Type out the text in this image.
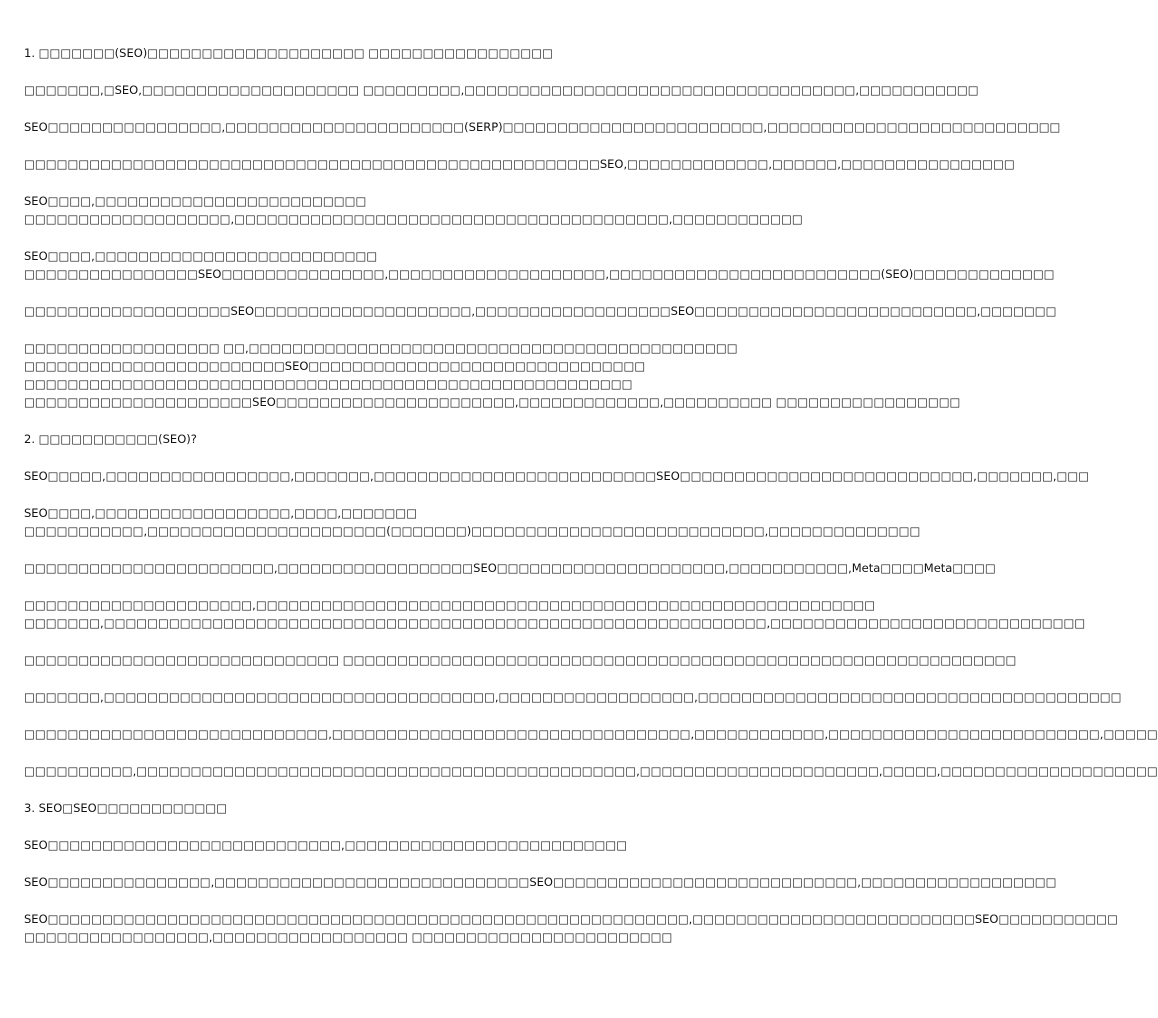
1. □□□□□□□(SEO)□□□□□□□□□□□□□□□□□□□□ □□□□□□□□□□□□□□□□□
□□□□□□□,□SEO,□□□□□□□□□□□□□□□□□□□□ □□□□□□□□□,□□□□□□□□□□□□□□□□□□□□□□□□□□□□□□□□□□□□,□□□□□□□□□□□
SEO□□□□□□□□□□□□□□□□,□□□□□□□□□□□□□□□□□□□□□□(SERP)□□□□□□□□□□□□□□□□□□□□□□□□,□□□□□□□□□□□□□□□□□□□□□□□□□□□
□□□□□□□□□□□□□□□□□□□□□□□□□□□□□□□□□□□□□□□□□□□□□□□□□□□□□SEO,□□□□□□□□□□□□□,□□□□□□,□□□□□□□□□□□□□□□□
SEO□□□□,□□□□□□□□□□□□□□□□□□□□□□□□□
□□□□□□□□□□□□□□□□□□□,□□□□□□□□□□□□□□□□□□□□□□□□□□□□□□□□□□□□□□□□,□□□□□□□□□□□□
SEO□□□□,□□□□□□□□□□□□□□□□□□□□□□□□□□
□□□□□□□□□□□□□□□□SEO□□□□□□□□□□□□□□□,□□□□□□□□□□□□□□□□□□□□,□□□□□□□□□□□□□□□□□□□□□□□□□(SEO)□□□□□□□□□□□□□
□□□□□□□□□□□□□□□□□□□SEO□□□□□□□□□□□□□□□□□□□□,□□□□□□□□□□□□□□□□□□SEO□□□□□□□□□□□□□□□□□□□□□□□□□□,□□□□□□□
□□□□□□□□□□□□□□□□□□ □□,□□□□□□□□□□□□□□□□□□□□□□□□□□□□□□□□□□□□□□□□□□□□□
□□□□□□□□□□□□□□□□□□□□□□□□SEO□□□□□□□□□□□□□□□□□□□□□□□□□□□□□□□
□□□□□□□□□□□□□□□□□□□□□□□□□□□□□□□□□□□□□□□□□□□□□□□□□□□□□□□□
□□□□□□□□□□□□□□□□□□□□□SEO□□□□□□□□□□□□□□□□□□□□□□,□□□□□□□□□□□□□,□□□□□□□□□□ □□□□□□□□□□□□□□□□□
2. □□□□□□□□□□□(SEO)?
SEO□□□□□,□□□□□□□□□□□□□□□□□,□□□□□□□,□□□□□□□□□□□□□□□□□□□□□□□□□□SEO□□□□□□□□□□□□□□□□□□□□□□□□□□□,□□□□□□□,□□□
SEO□□□□,□□□□□□□□□□□□□□□□□□,□□□□,□□□□□□□
□□□□□□□□□□□,□□□□□□□□□□□□□□□□□□□□□□(□□□□□□□)□□□□□□□□□□□□□□□□□□□□□□□□□□□,□□□□□□□□□□□□□□
□□□□□□□□□□□□□□□□□□□□□□□,□□□□□□□□□□□□□□□□□□SEO□□□□□□□□□□□□□□□□□□□□□,□□□□□□□□□□□,Meta□□□□Meta□□□□
□□□□□□□□□□□□□□□□□□□□□,□□□□□□□□□□□□□□□□□□□□□□□□□□□□□□□□□□□□□□□□□□□□□□□□□□□□□□□□□
□□□□□□□,□□□□□□□□□□□□□□□□□□□□□□□□□□□□□□□□□□□□□□□□□□□□□□□□□□□□□□□□□□□□□,□□□□□□□□□□□□□□□□□□□□□□□□□□□□□
□□□□□□□□□□□□□□□□□□□□□□□□□□□□□ □□□□□□□□□□□□□□□□□□□□□□□□□□□□□□□□□□□□□□□□□□□□□□□□□□□□□□□□□□□□□□
□□□□□□□,□□□□□□□□□□□□□□□□□□□□□□□□□□□□□□□□□□□□,□□□□□□□□□□□□□□□□□□,□□□□□□□□□□□□□□□□□□□□□□□□□□□□□□□□□□□□□□□
□□□□□□□□□□□□□□□□□□□□□□□□□□□□,□□□□□□□□□□□□□□□□□□□□□□□□□□□□□□□□□,□□□□□□□□□□□□,□□□□□□□□□□□□□□□□□□□□□□□□□,□□□□□
□□□□□□□□□□,□□□□□□□□□□□□□□□□□□□□□□□□□□□□□□□□□□□□□□□□□□□□□□,□□□□□□□□□□□□□□□□□□□□□□,□□□□□,□□□□□□□□□□□□□□□□□□□□
3. SEO□SEO□□□□□□□□□□□□
SEO□□□□□□□□□□□□□□□□□□□□□□□□□□□,□□□□□□□□□□□□□□□□□□□□□□□□□□
SEO□□□□□□□□□□□□□□□,□□□□□□□□□□□□□□□□□□□□□□□□□□□□□SEO□□□□□□□□□□□□□□□□□□□□□□□□□□□□,□□□□□□□□□□□□□□□□□□
SEO□□□□□□□□□□□□□□□□□□□□□□□□□□□□□□□□□□□□□□□□□□□□□□□□□□□□□□□□□□□,□□□□□□□□□□□□□□□□□□□□□□□□□□SEO□□□□□□□□□□□
□□□□□□□□□□□□□□□□□,□□□□□□□□□□□□□□□□□□ □□□□□□□□□□□□□□□□□□□□□□□□
